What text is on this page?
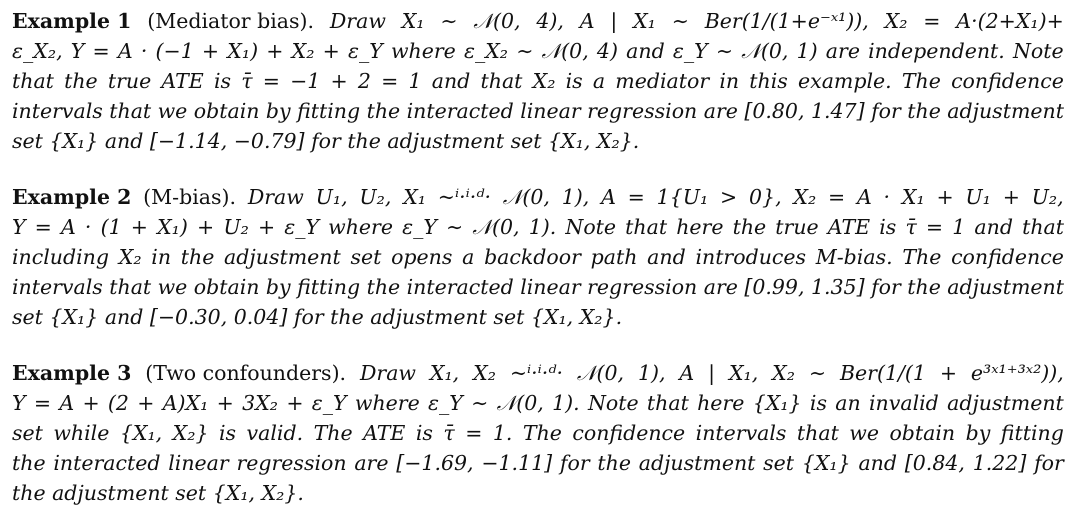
Example 1 (Mediator bias). Draw X₁ ∼ 𝒩(0, 4), A | X₁ ∼ Ber(1/(1+e⁻ˣ¹)), X₂ = A·(2+X₁)+
ε_X₂, Y = A · (−1 + X₁) + X₂ + ε_Y where ε_X₂ ∼ 𝒩(0, 4) and ε_Y ∼ 𝒩(0, 1) are independent. Note
that the true ATE is τ̄ = −1 + 2 = 1 and that X₂ is a mediator in this example. The confidence
intervals that we obtain by fitting the interacted linear regression are [0.80, 1.47] for the adjustment
set {X₁} and [−1.14, −0.79] for the adjustment set {X₁, X₂}.
Example 2 (M-bias). Draw U₁, U₂, X₁ ~ⁱ·ⁱ·ᵈ· 𝒩(0, 1), A = 1{U₁ > 0}, X₂ = A · X₁ + U₁ + U₂,
Y = A · (1 + X₁) + U₂ + ε_Y where ε_Y ∼ 𝒩(0, 1). Note that here the true ATE is τ̄ = 1 and that
including X₂ in the adjustment set opens a backdoor path and introduces M-bias. The confidence
intervals that we obtain by fitting the interacted linear regression are [0.99, 1.35] for the adjustment
set {X₁} and [−0.30, 0.04] for the adjustment set {X₁, X₂}.
Example 3 (Two confounders). Draw X₁, X₂ ~ⁱ·ⁱ·ᵈ· 𝒩(0, 1), A | X₁, X₂ ∼ Ber(1/(1 + e³ˣ¹⁺³ˣ²)),
Y = A + (2 + A)X₁ + 3X₂ + ε_Y where ε_Y ∼ 𝒩(0, 1). Note that here {X₁} is an invalid adjustment
set while {X₁, X₂} is valid. The ATE is τ̄ = 1. The confidence intervals that we obtain by fitting
the interacted linear regression are [−1.69, −1.11] for the adjustment set {X₁} and [0.84, 1.22] for
the adjustment set {X₁, X₂}.
